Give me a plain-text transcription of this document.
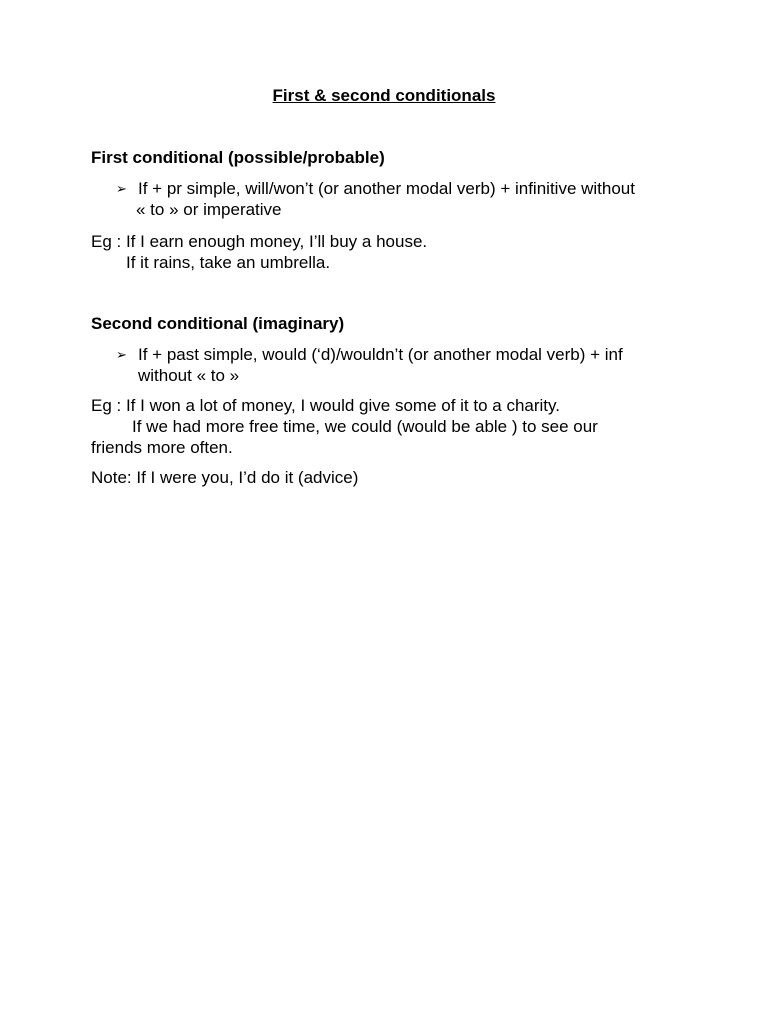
First & second conditionals

First conditional (possible/probable)

➢ If + pr simple, will/won’t (or another modal verb) + infinitive without
« to » or imperative
Eg : If I earn enough money, I’ll buy a house.
If it rains, take an umbrella.

Second conditional (imaginary)

➢ If + past simple, would (‘d)/wouldn’t (or another modal verb) + inf
without « to »
Eg : If I won a lot of money, I would give some of it to a charity.
If we had more free time, we could (would be able ) to see our
friends more often.
Note: If I were you, I’d do it (advice)
